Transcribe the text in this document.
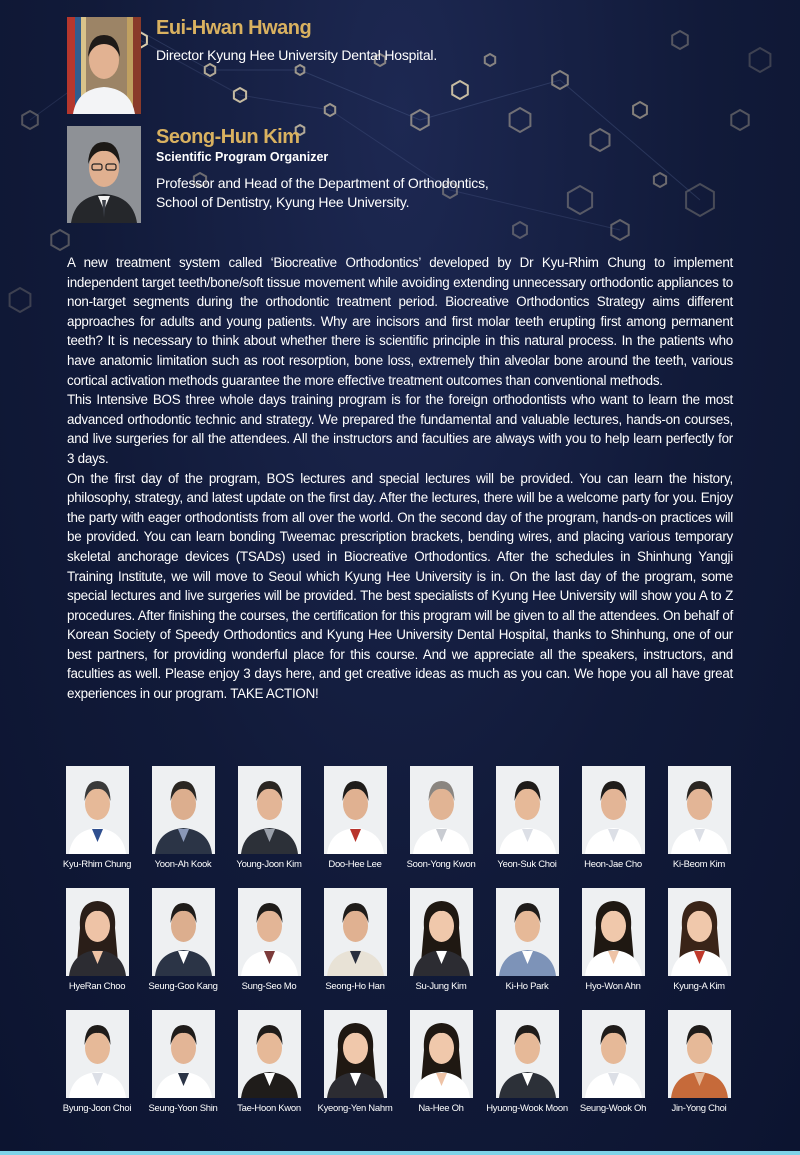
Eui-Hwan Hwang
Director Kyung Hee University Dental Hospital.
Seong-Hun Kim
Scientific Program Organizer
Professor and Head of the Department of Orthodontics,
School of Dentistry, Kyung Hee University.

A new treatment system called ‘Biocreative Orthodontics’ developed by Dr Kyu-Rhim Chung to implement independent target teeth/bone/soft tissue movement while avoiding extending unnecessary orthodontic appliances to non-target segments during the orthodontic treatment period. Biocreative Orthodontics Strategy aims different approaches for adults and young patients. Why are incisors and first molar teeth erupting first among permanent teeth? It is necessary to think about whether there is scientific principle in this natural process. In the patients who have anatomic limitation such as root resorption, bone loss, extremely thin alveolar bone around the teeth, various cortical activation methods guarantee the more effective treatment outcomes than conventional methods.

This Intensive BOS three whole days training program is for the foreign orthodontists who want to learn the most advanced orthodontic technic and strategy. We prepared the fundamental and valuable lectures, hands-on courses, and live surgeries for all the attendees. All the instructors and faculties are always with you to help learn perfectly for 3 days.

On the first day of the program, BOS lectures and special lectures will be provided. You can learn the history, philosophy, strategy, and latest update on the first day. After the lectures, there will be a welcome party for you. Enjoy the party with eager orthodontists from all over the world. On the second day of the program, hands-on practices will be provided. You can learn bonding Tweemac prescription brackets, bending wires, and placing various temporary skeletal anchorage devices (TSADs) used in Biocreative Orthodontics. After the schedules in Shinhung Yangji Training Institute, we will move to Seoul which Kyung Hee University is in. On the last day of the program, some special lectures and live surgeries will be provided. The best specialists of Kyung Hee University will show you A to Z procedures. After finishing the courses, the certification for this program will be given to all the attendees. On behalf of Korean Society of Speedy Orthodontics and Kyung Hee University Dental Hospital, thanks to Shinhung, one of our best partners, for providing wonderful place for this course. And we appreciate all the speakers, instructors, and faculties as well. Please enjoy 3 days here, and get creative ideas as much as you can. We hope you all have great experiences in our program. TAKE ACTION!

Kyu-Rhim Chung	Yoon-Ah Kook	Young-Joon Kim	Doo-Hee Lee	Soon-Yong Kwon	Yeon-Suk Choi	Heon-Jae Cho	Ki-Beom Kim
HyeRan Choo	Seung-Goo Kang	Sung-Seo Mo	Seong-Ho Han	Su-Jung Kim	Ki-Ho Park	Hyo-Won Ahn	Kyung-A Kim
Byung-Joon Choi	Seung-Yoon Shin	Tae-Hoon Kwon	Kyeong-Yen Nahm	Na-Hee Oh	Hyuong-Wook Moon	Seung-Wook Oh	Jin-Yong Choi
